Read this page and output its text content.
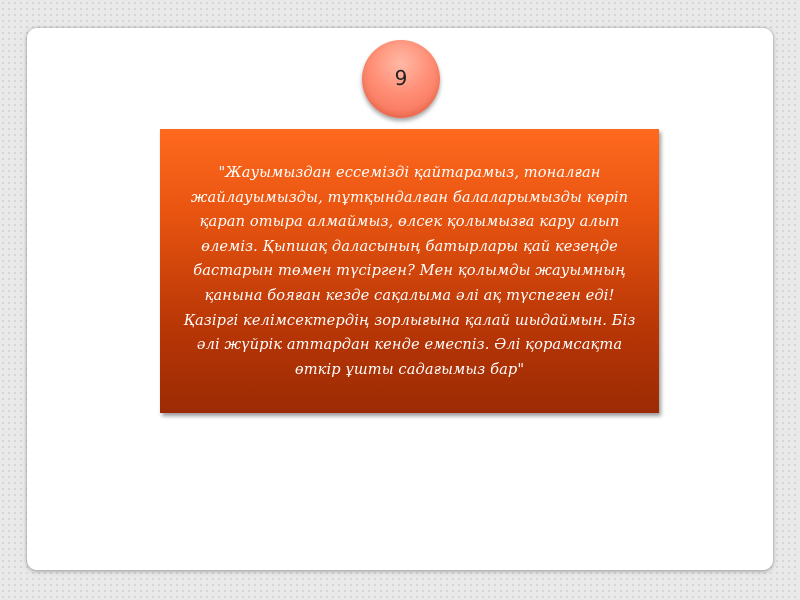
9

"Жауымыздан ессемізді қайтарамыз, тоналған
жайлауымызды, тұтқындалған балаларымызды көріп
қарап отыра алмаймыз, өлсек қолымызға кару алып
өлеміз. Қыпшақ даласының батырлары қай кезеңде
бастарын төмен түсірген? Мен қолымды жауымның
қанына бояған кезде сақалыма әлі ақ түспеген еді!
Қазіргі келімсектердің зорлығына қалай шыдаймын. Біз
әлі жүйрік аттардан кенде емеспіз. Әлі қорамсақта
өткір ұшты садағымыз бар"
